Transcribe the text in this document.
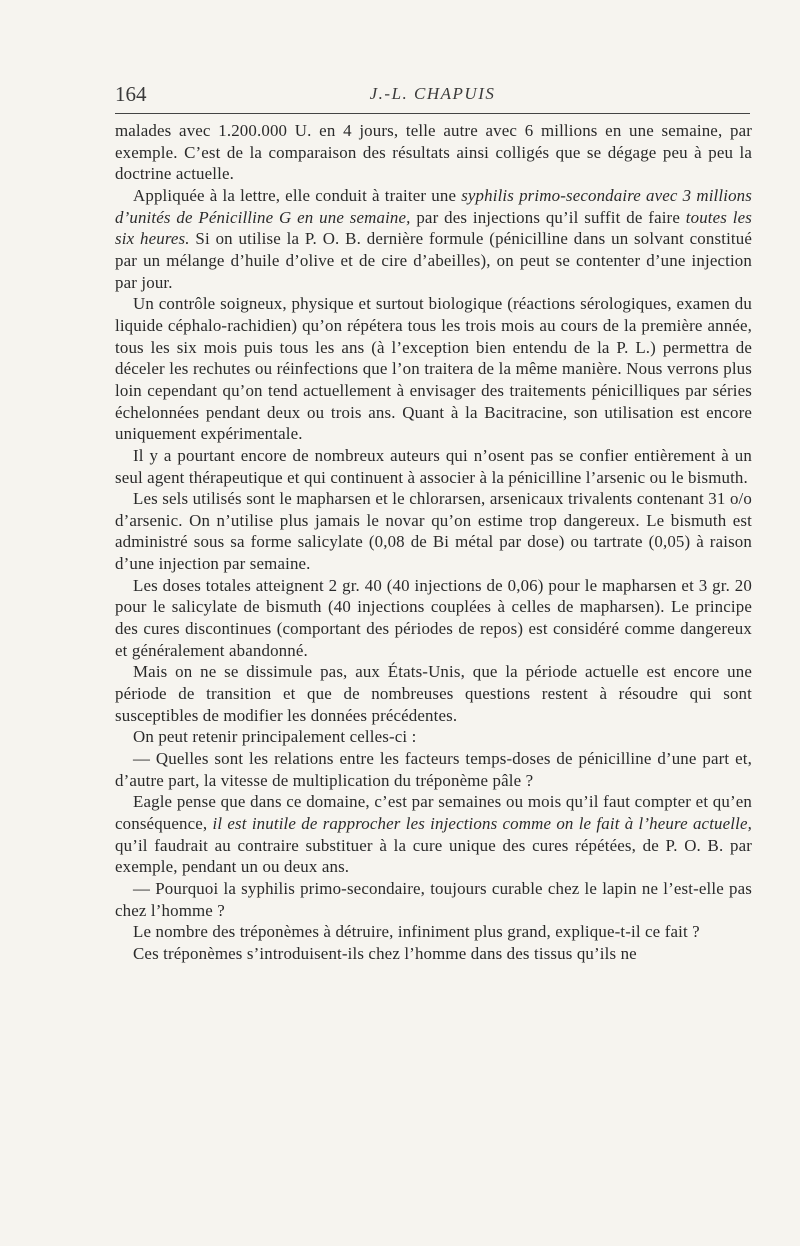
164	J.-L. CHAPUIS

malades avec 1.200.000 U. en 4 jours, telle autre avec 6 millions en une semaine, par exemple. C’est de la comparaison des résultats ainsi colligés que se dégage peu à peu la doctrine actuelle.

Appliquée à la lettre, elle conduit à traiter une syphilis primo-secondaire avec 3 millions d’unités de Pénicilline G en une semaine, par des injections qu’il suffit de faire toutes les six heures. Si on utilise la P. O. B. dernière formule (pénicilline dans un solvant constitué par un mélange d’huile d’olive et de cire d’abeilles), on peut se contenter d’une injection par jour.

Un contrôle soigneux, physique et surtout biologique (réactions sérologiques, examen du liquide céphalo-rachidien) qu’on répétera tous les trois mois au cours de la première année, tous les six mois puis tous les ans (à l’exception bien entendu de la P. L.) permettra de déceler les rechutes ou réinfections que l’on traitera de la même manière. Nous verrons plus loin cependant qu’on tend actuellement à envisager des traitements pénicilliques par séries échelonnées pendant deux ou trois ans. Quant à la Bacitracine, son utilisation est encore uniquement expérimentale.

Il y a pourtant encore de nombreux auteurs qui n’osent pas se confier entièrement à un seul agent thérapeutique et qui continuent à associer à la pénicilline l’arsenic ou le bismuth.

Les sels utilisés sont le mapharsen et le chlorarsen, arsenicaux trivalents contenant 31 o/o d’arsenic. On n’utilise plus jamais le novar qu’on estime trop dangereux. Le bismuth est administré sous sa forme salicylate (0,08 de Bi métal par dose) ou tartrate (0,05) à raison d’une injection par semaine.

Les doses totales atteignent 2 gr. 40 (40 injections de 0,06) pour le mapharsen et 3 gr. 20 pour le salicylate de bismuth (40 injections couplées à celles de mapharsen). Le principe des cures discontinues (comportant des périodes de repos) est considéré comme dangereux et généralement abandonné.

Mais on ne se dissimule pas, aux États-Unis, que la période actuelle est encore une période de transition et que de nombreuses questions restent à résoudre qui sont susceptibles de modifier les données précédentes.

On peut retenir principalement celles-ci :

— Quelles sont les relations entre les facteurs temps-doses de pénicilline d’une part et, d’autre part, la vitesse de multiplication du tréponème pâle ?

Eagle pense que dans ce domaine, c’est par semaines ou mois qu’il faut compter et qu’en conséquence, il est inutile de rapprocher les injections comme on le fait à l’heure actuelle, qu’il faudrait au contraire substituer à la cure unique des cures répétées, de P. O. B. par exemple, pendant un ou deux ans.

— Pourquoi la syphilis primo-secondaire, toujours curable chez le lapin ne l’est-elle pas chez l’homme ?

Le nombre des tréponèmes à détruire, infiniment plus grand, explique-t-il ce fait ?

Ces tréponèmes s’introduisent-ils chez l’homme dans des tissus qu’ils ne
